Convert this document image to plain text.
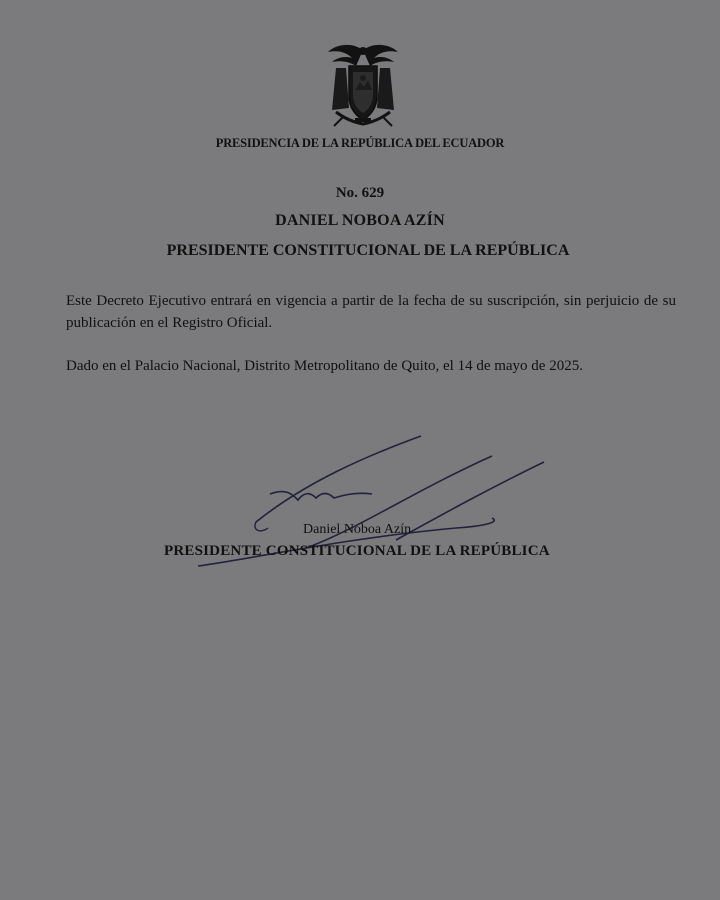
PRESIDENCIA DE LA REPÚBLICA DEL ECUADOR
No. 629
DANIEL NOBOA AZÍN
PRESIDENTE CONSTITUCIONAL DE LA REPÚBLICA
Este Decreto Ejecutivo entrará en vigencia a partir de la fecha de su suscripción, sin perjuicio de su publicación en el Registro Oficial.
Dado en el Palacio Nacional, Distrito Metropolitano de Quito, el 14 de mayo de 2025.
Daniel Noboa Azín
PRESIDENTE CONSTITUCIONAL DE LA REPÚBLICA
